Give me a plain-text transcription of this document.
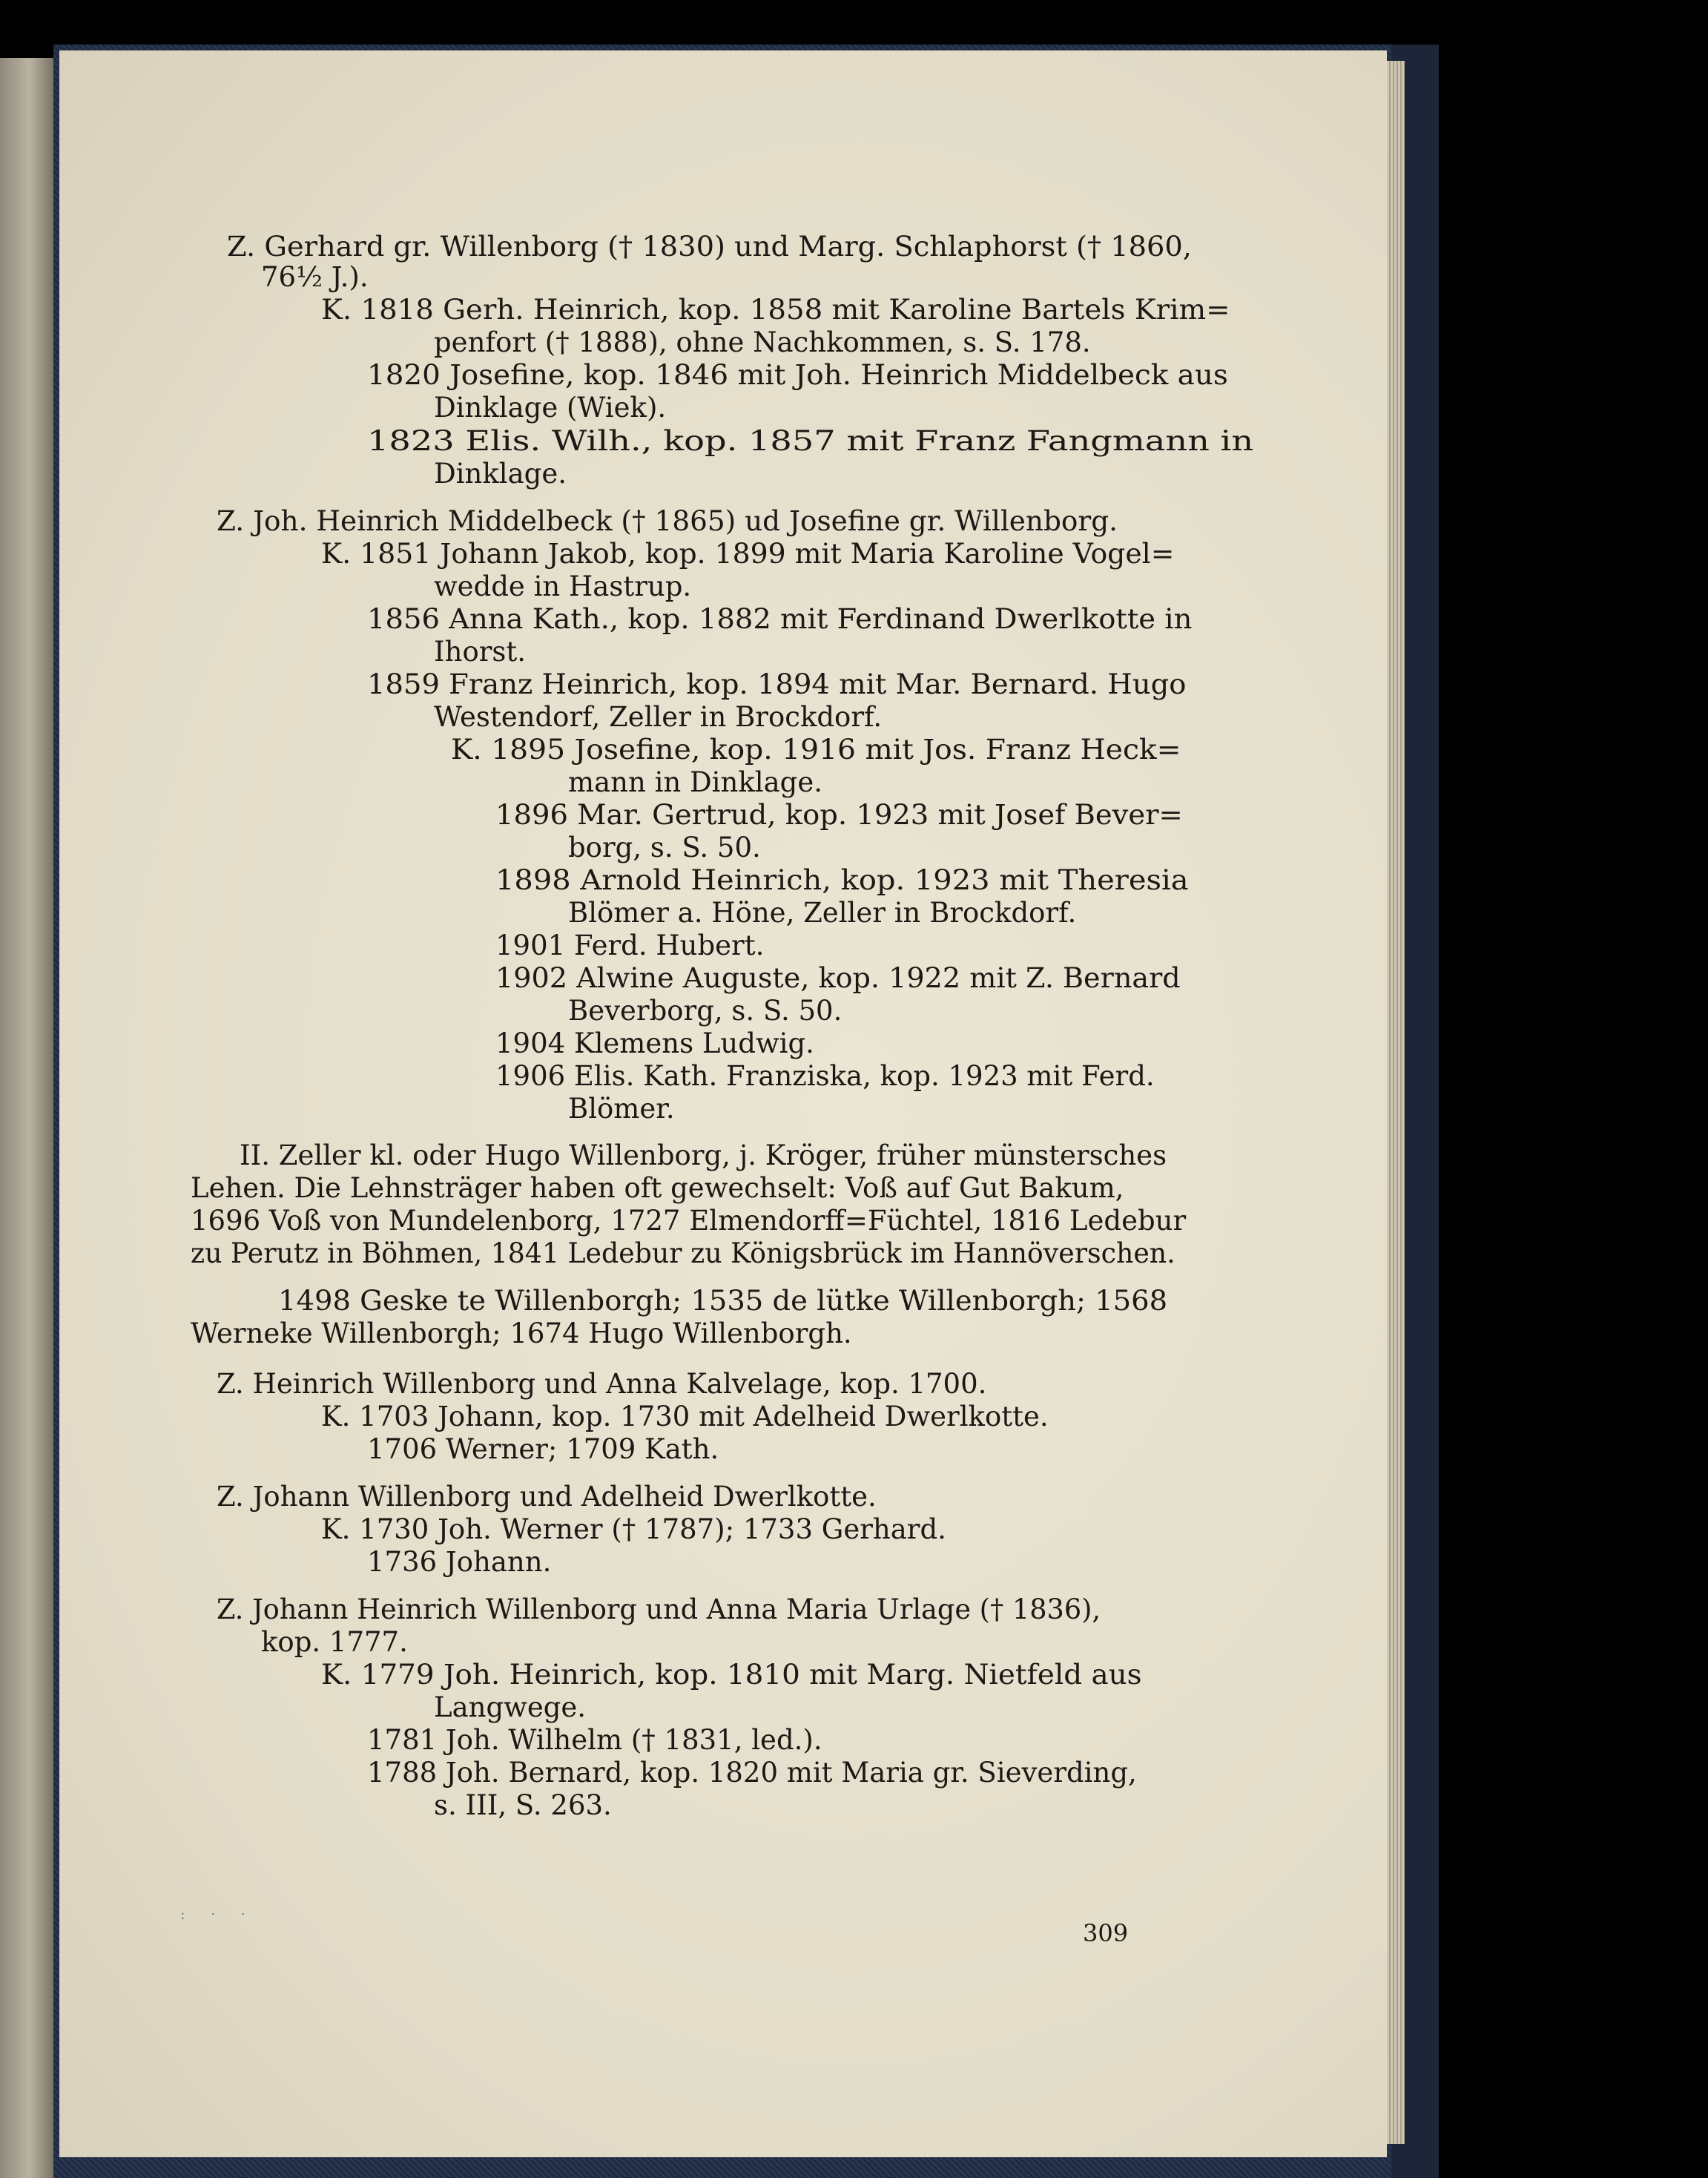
Z. Gerhard gr. Willenborg († 1830) und Marg. Schlaphorst († 1860,
76½ J.).
K. 1818 Gerh. Heinrich, kop. 1858 mit Karoline Bartels Krim=
penfort († 1888), ohne Nachkommen, s. S. 178.
1820 Josefine, kop. 1846 mit Joh. Heinrich Middelbeck aus
Dinklage (Wiek).
1823 Elis. Wilh., kop. 1857 mit Franz Fangmann in
Dinklage.
Z. Joh. Heinrich Middelbeck († 1865) ud Josefine gr. Willenborg.
K. 1851 Johann Jakob, kop. 1899 mit Maria Karoline Vogel=
wedde in Hastrup.
1856 Anna Kath., kop. 1882 mit Ferdinand Dwerlkotte in
Ihorst.
1859 Franz Heinrich, kop. 1894 mit Mar. Bernard. Hugo
Westendorf, Zeller in Brockdorf.
K. 1895 Josefine, kop. 1916 mit Jos. Franz Heck=
mann in Dinklage.
1896 Mar. Gertrud, kop. 1923 mit Josef Bever=
borg, s. S. 50.
1898 Arnold Heinrich, kop. 1923 mit Theresia
Blömer a. Höne, Zeller in Brockdorf.
1901 Ferd. Hubert.
1902 Alwine Auguste, kop. 1922 mit Z. Bernard
Beverborg, s. S. 50.
1904 Klemens Ludwig.
1906 Elis. Kath. Franziska, kop. 1923 mit Ferd.
Blömer.
II. Zeller kl. oder Hugo Willenborg, j. Kröger, früher münstersches
Lehen. Die Lehnsträger haben oft gewechselt: Voß auf Gut Bakum,
1696 Voß von Mundelenborg, 1727 Elmendorff=Füchtel, 1816 Ledebur
zu Perutz in Böhmen, 1841 Ledebur zu Königsbrück im Hannöverschen.
1498 Geske te Willenborgh; 1535 de lütke Willenborgh; 1568
Werneke Willenborgh; 1674 Hugo Willenborgh.
Z. Heinrich Willenborg und Anna Kalvelage, kop. 1700.
K. 1703 Johann, kop. 1730 mit Adelheid Dwerlkotte.
1706 Werner; 1709 Kath.
Z. Johann Willenborg und Adelheid Dwerlkotte.
K. 1730 Joh. Werner († 1787); 1733 Gerhard.
1736 Johann.
Z. Johann Heinrich Willenborg und Anna Maria Urlage († 1836),
kop. 1777.
K. 1779 Joh. Heinrich, kop. 1810 mit Marg. Nietfeld aus
Langwege.
1781 Joh. Wilhelm († 1831, led.).
1788 Joh. Bernard, kop. 1820 mit Maria gr. Sieverding,
s. III, S. 263.
: · ·
309
